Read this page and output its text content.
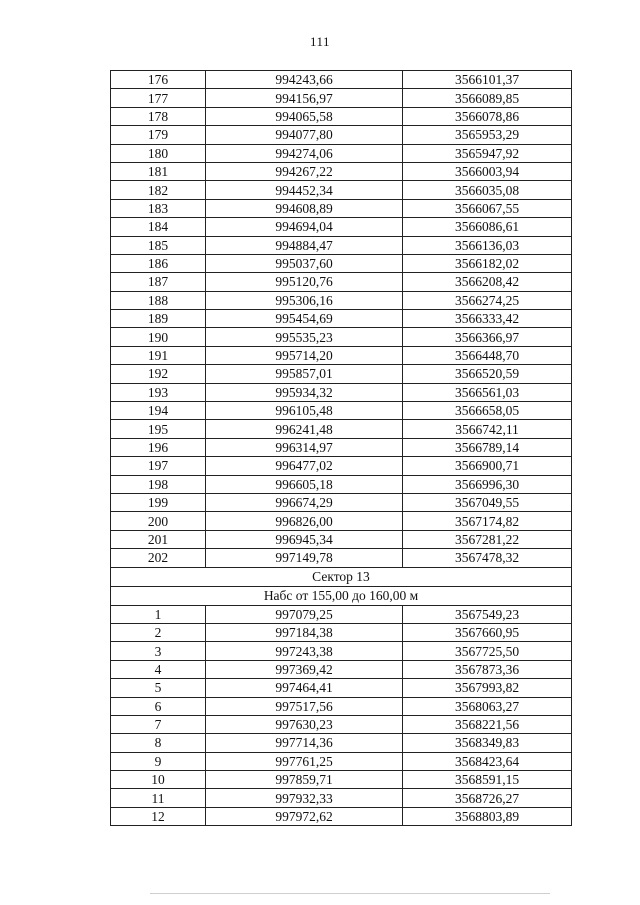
111
176	994243,66	3566101,37
177	994156,97	3566089,85
178	994065,58	3566078,86
179	994077,80	3565953,29
180	994274,06	3565947,92
181	994267,22	3566003,94
182	994452,34	3566035,08
183	994608,89	3566067,55
184	994694,04	3566086,61
185	994884,47	3566136,03
186	995037,60	3566182,02
187	995120,76	3566208,42
188	995306,16	3566274,25
189	995454,69	3566333,42
190	995535,23	3566366,97
191	995714,20	3566448,70
192	995857,01	3566520,59
193	995934,32	3566561,03
194	996105,48	3566658,05
195	996241,48	3566742,11
196	996314,97	3566789,14
197	996477,02	3566900,71
198	996605,18	3566996,30
199	996674,29	3567049,55
200	996826,00	3567174,82
201	996945,34	3567281,22
202	997149,78	3567478,32
Сектор 13		
Набс от 155,00 до 160,00 м		
1	997079,25	3567549,23
2	997184,38	3567660,95
3	997243,38	3567725,50
4	997369,42	3567873,36
5	997464,41	3567993,82
6	997517,56	3568063,27
7	997630,23	3568221,56
8	997714,36	3568349,83
9	997761,25	3568423,64
10	997859,71	3568591,15
11	997932,33	3568726,27
12	997972,62	3568803,89
